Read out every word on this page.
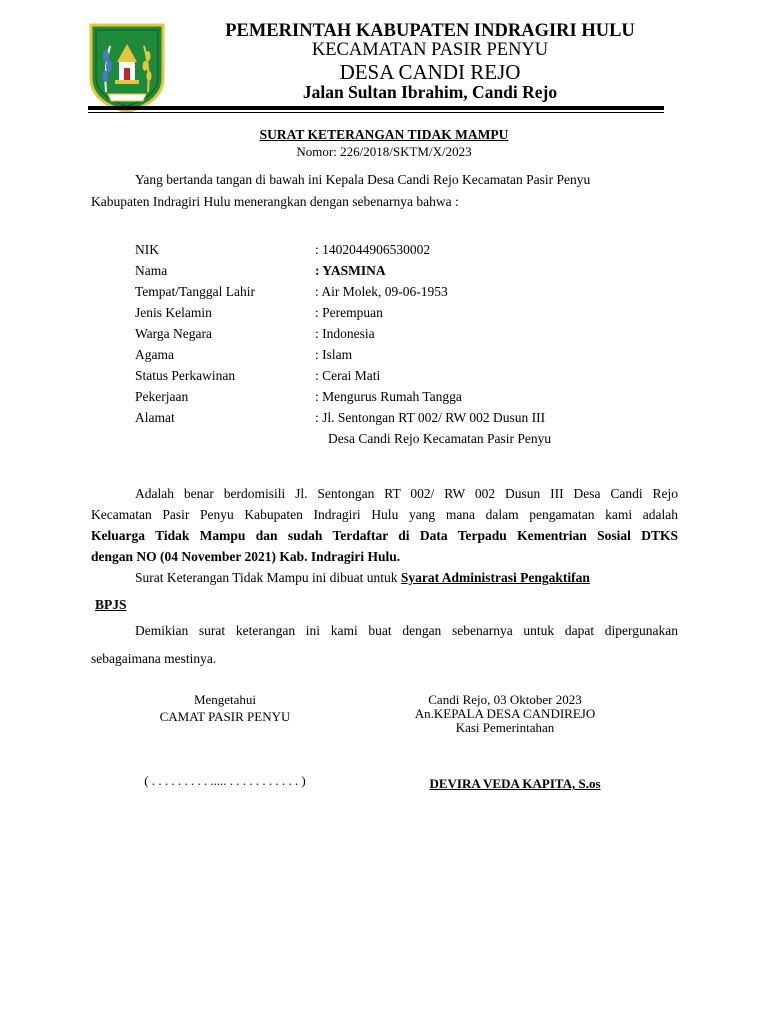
PEMERINTAH KABUPATEN INDRAGIRI HULU
KECAMATAN PASIR PENYU
DESA CANDI REJO
Jalan Sultan Ibrahim, Candi Rejo
SURAT KETERANGAN TIDAK MAMPU
Nomor: 226/2018/SKTM/X/2023
Yang bertanda tangan di bawah ini Kepala Desa Candi Rejo Kecamatan Pasir Penyu
Kabupaten Indragiri Hulu menerangkan dengan sebenarnya bahwa :
NIK	: 1402044906530002
Nama	: YASMINA
Tempat/Tanggal Lahir	: Air Molek, 09-06-1953
Jenis Kelamin	: Perempuan
Warga Negara	: Indonesia
Agama	: Islam
Status Perkawinan	: Cerai Mati
Pekerjaan	: Mengurus Rumah Tangga
Alamat	: Jl. Sentongan RT 002/ RW 002 Dusun III
Desa Candi Rejo Kecamatan Pasir Penyu
Adalah benar berdomisili Jl. Sentongan RT 002/ RW 002 Dusun III Desa Candi Rejo
Kecamatan Pasir Penyu Kabupaten Indragiri Hulu yang mana dalam pengamatan kami adalah
Keluarga Tidak Mampu dan sudah Terdaftar di Data Terpadu Kementrian Sosial DTKS
dengan NO (04 November 2021) Kab. Indragiri Hulu.
Surat Keterangan Tidak Mampu ini dibuat untuk Syarat Administrasi Pengaktifan
BPJS
Demikian surat keterangan ini kami buat dengan sebenarnya untuk dapat dipergunakan
sebagaimana mestinya.
Mengetahui
CAMAT PASIR PENYU
( . . . . . . . . . ..... . . . . . . . . . . . )
Candi Rejo, 03 Oktober 2023
An.KEPALA DESA CANDIREJO
Kasi Pemerintahan
DEVIRA VEDA KAPITA, S.os
